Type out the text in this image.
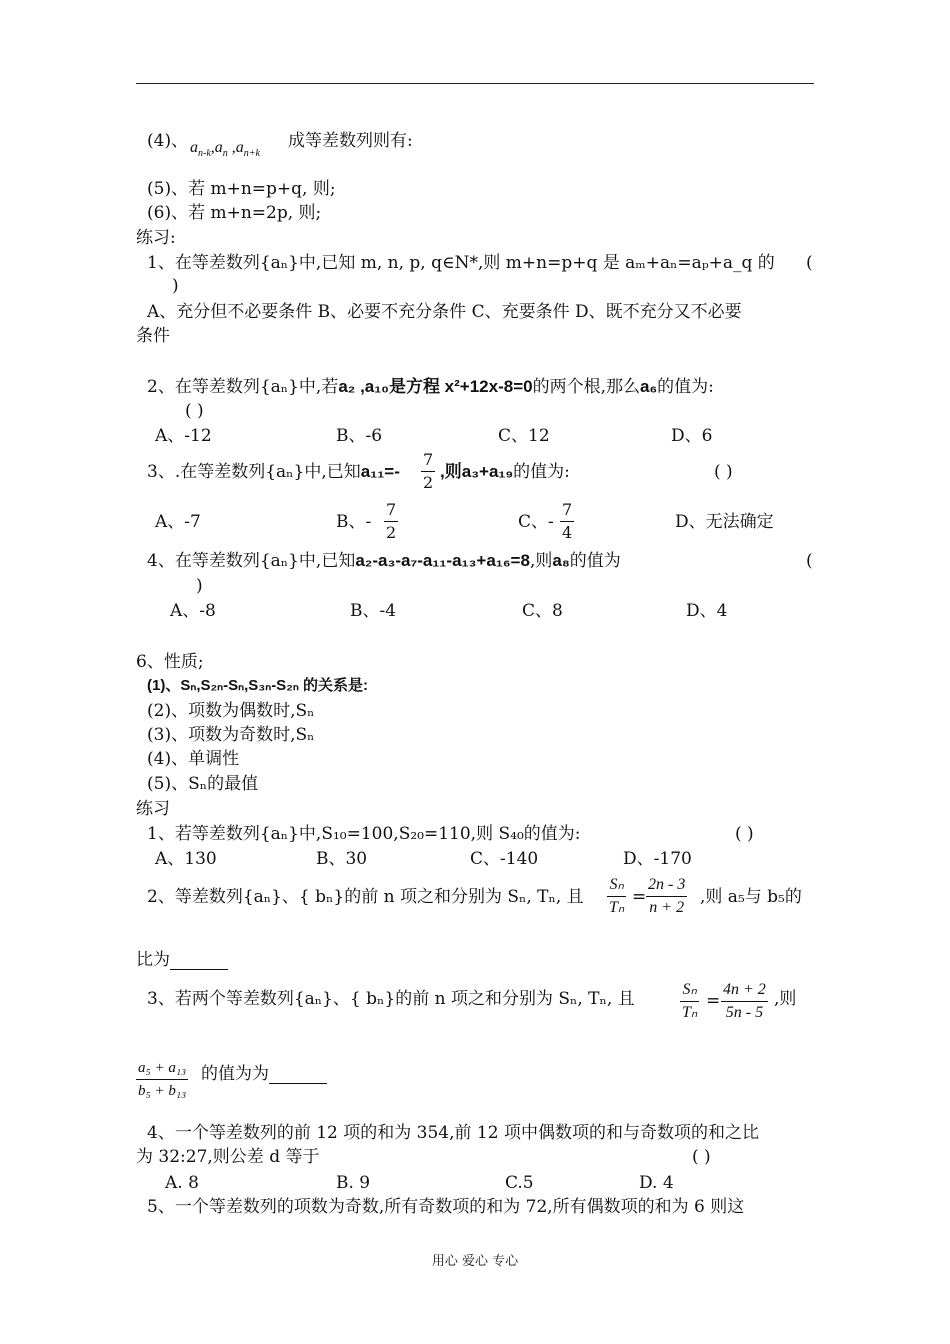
(4)、 $a_{n-k},a_n$ $,a_{n+k}$
成等差数列则有:
(5)、若 m+n=p+q, 则;
(6)、若 m+n=2p, 则;
练习:
1、在等差数列{aₙ}中,已知 m, n, p, q∈N*,则 m+n=p+q 是 aₘ+aₙ=aₚ+a_q 的 (
)
A、充分但不必要条件 B、必要不充分条件 C、充要条件 D、既不充分又不必要
条件
2、在等差数列{aₙ}中,若a₂ ,a₁₀是方程 x²+12x-8=0的两个根,那么a₆的值为:
( )
A、-12	B、-6	C、12	D、6
3、.在等差数列{aₙ}中,已知a₁₁=-
7
2
,则a₃+a₁₉的值为:	( )
A、-7	B、-
7
2
C、-
7
4
D、无法确定
4、在等差数列{aₙ}中,已知a₂-a₃-a₇-a₁₁-a₁₃+a₁₆=8,则a₈的值为	(
)
A、-8	B、-4	C、8	D、4
6、性质;
(1)、Sₙ,S₂ₙ-Sₙ,S₃ₙ-S₂ₙ 的关系是:
(2)、项数为偶数时,Sₙ
(3)、项数为奇数时,Sₙ
(4)、单调性
(5)、Sₙ的最值
练习
1、若等差数列{aₙ}中,S₁₀=100,S₂₀=110,则 S₄₀的值为:	( )
A、130	B、30	C、-140	D、-170
2、等差数列{aₙ}、{ bₙ}的前 n 项之和分别为 Sₙ, Tₙ, 且
Sₙ
Tₙ
=
2n - 3
n + 2
,则 a₅与 b₅的
比为
3、若两个等差数列{aₙ}、{ bₙ}的前 n 项之和分别为 Sₙ, Tₙ, 且	Sₙ
Tₙ
=
4n + 2
5n - 5
,则
a₅ + a₁₃
b₅ + b₁₃
的值为为
4、一个等差数列的前 12 项的和为 354,前 12 项中偶数项的和与奇数项的和之比
为 32:27,则公差 d 等于	( )
A. 8	B. 9	C.5	D. 4
5、一个等差数列的项数为奇数,所有奇数项的和为 72,所有偶数项的和为 6 则这
用心 爱心 专心
